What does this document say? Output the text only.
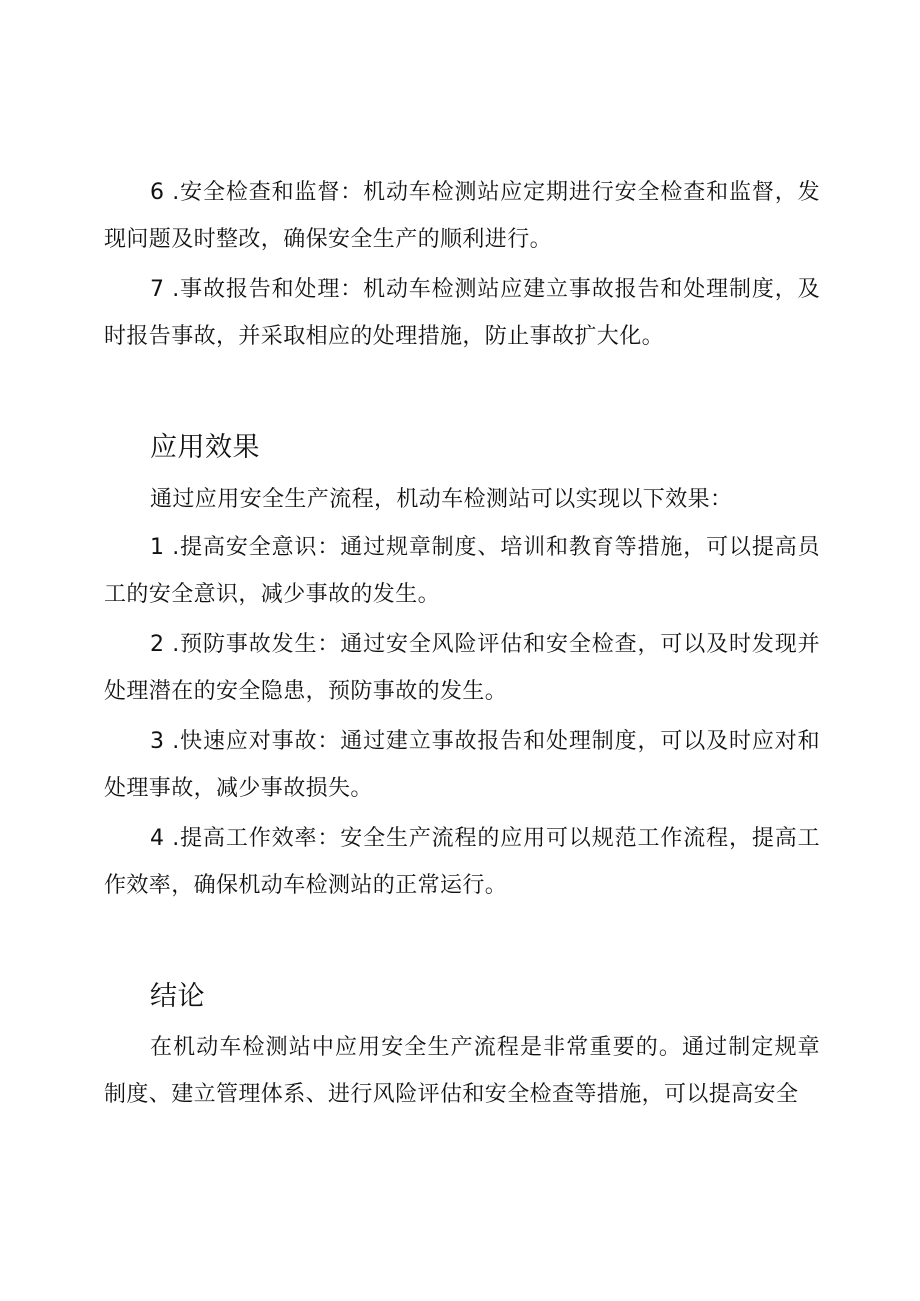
6 .安全检查和监督：机动车检测站应定期进行安全检查和监督，发现问题及时整改，确保安全生产的顺利进行。

7 .事故报告和处理：机动车检测站应建立事故报告和处理制度，及时报告事故，并采取相应的处理措施，防止事故扩大化。

应用效果

通过应用安全生产流程，机动车检测站可以实现以下效果：

1 .提高安全意识：通过规章制度、培训和教育等措施，可以提高员工的安全意识，减少事故的发生。

2 .预防事故发生：通过安全风险评估和安全检查，可以及时发现并处理潜在的安全隐患，预防事故的发生。

3 .快速应对事故：通过建立事故报告和处理制度，可以及时应对和处理事故，减少事故损失。

4 .提高工作效率：安全生产流程的应用可以规范工作流程，提高工作效率，确保机动车检测站的正常运行。

结论

在机动车检测站中应用安全生产流程是非常重要的。通过制定规章制度、建立管理体系、进行风险评估和安全检查等措施，可以提高安全
